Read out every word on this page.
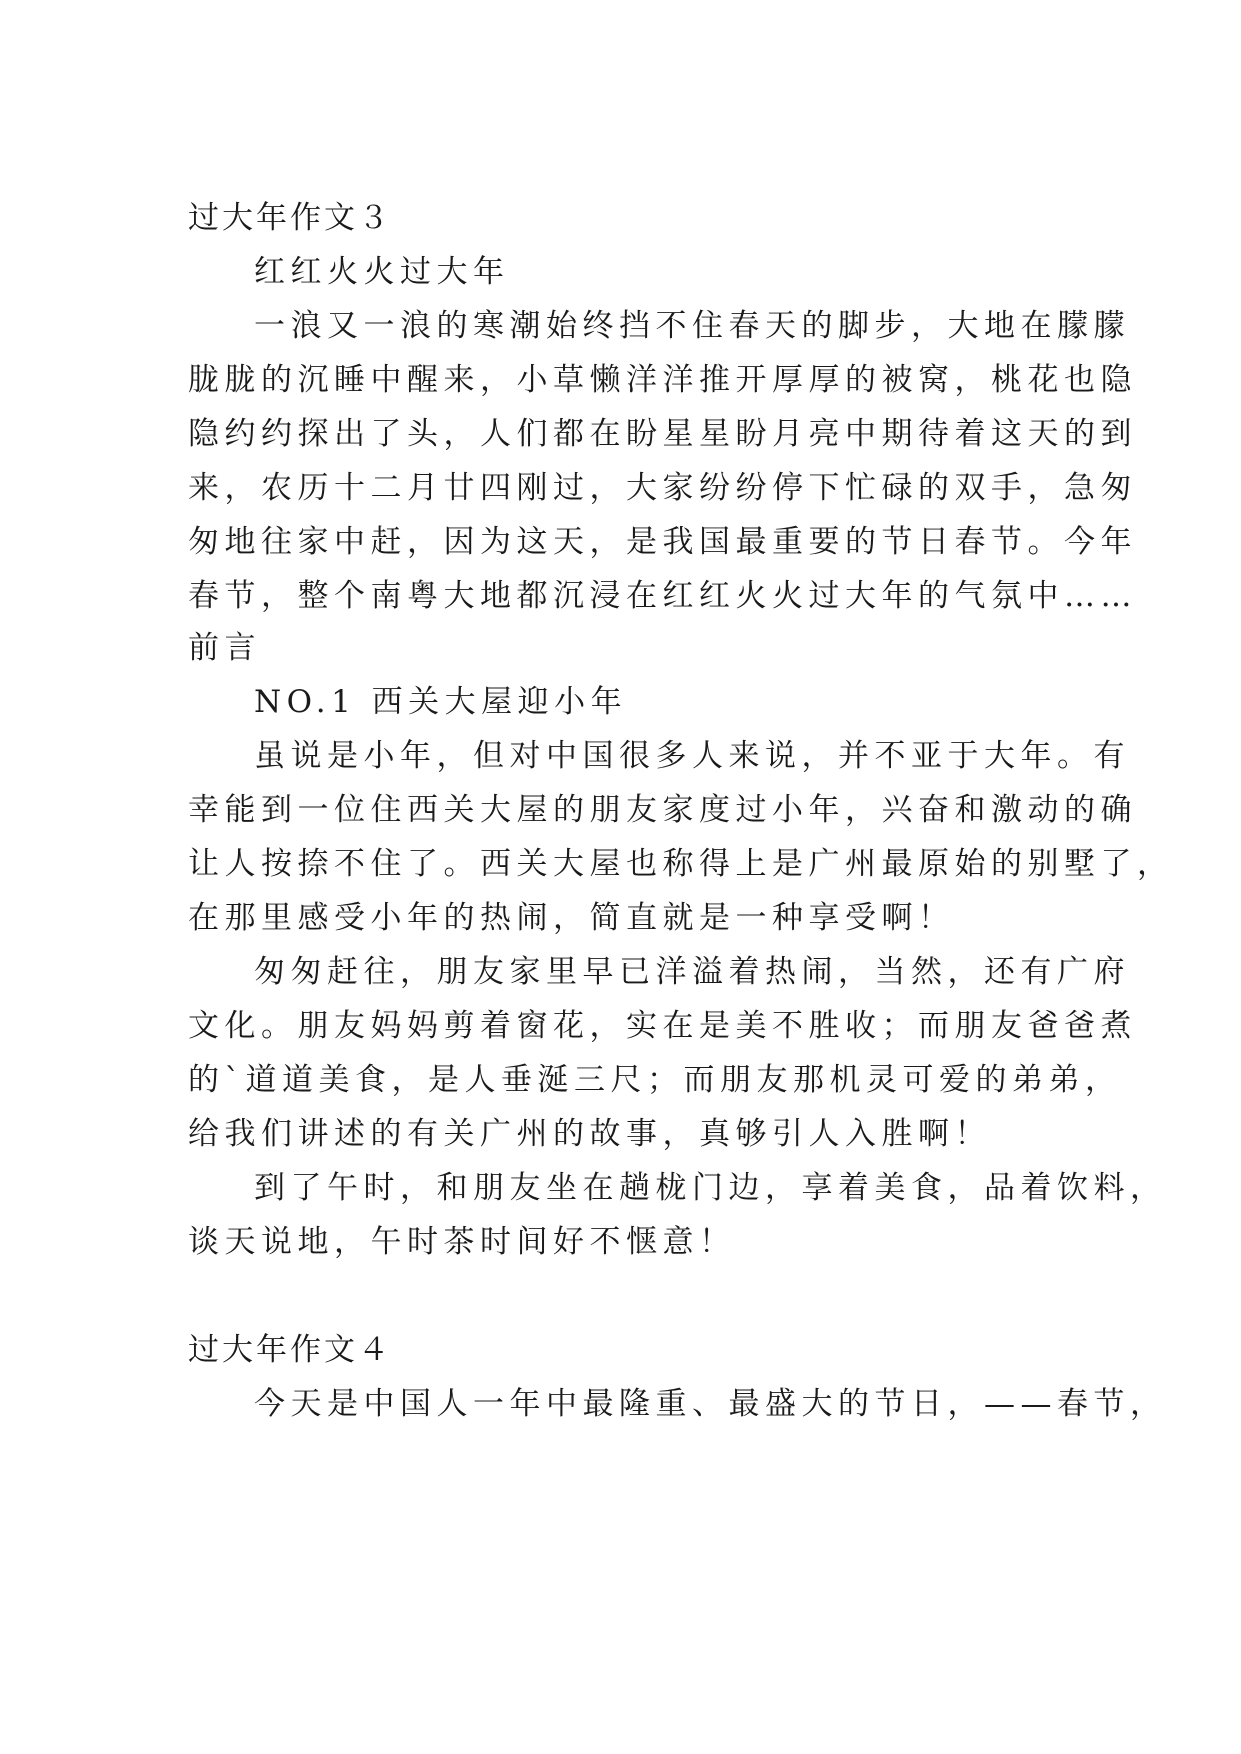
过大年作文３
红红火火过大年
一浪又一浪的寒潮始终挡不住春天的脚步，大地在朦朦
胧胧的沉睡中醒来，小草懒洋洋推开厚厚的被窝，桃花也隐
隐约约探出了头，人们都在盼星星盼月亮中期待着这天的到
来，农历十二月廿四刚过，大家纷纷停下忙碌的双手，急匆
匆地往家中赶，因为这天，是我国最重要的节日春节。今年
春节，整个南粤大地都沉浸在红红火火过大年的气氛中……
前言
NO.1 西关大屋迎小年
虽说是小年，但对中国很多人来说，并不亚于大年。有
幸能到一位住西关大屋的朋友家度过小年，兴奋和激动的确
让人按捺不住了。西关大屋也称得上是广州最原始的别墅了，
在那里感受小年的热闹，简直就是一种享受啊！
匆匆赶往，朋友家里早已洋溢着热闹，当然，还有广府
文化。朋友妈妈剪着窗花，实在是美不胜收；而朋友爸爸煮
的`道道美食，是人垂涎三尺；而朋友那机灵可爱的弟弟，
给我们讲述的有关广州的故事，真够引人入胜啊！
到了午时，和朋友坐在趟栊门边，享着美食，品着饮料，
谈天说地，午时茶时间好不惬意！
过大年作文４
今天是中国人一年中最隆重、最盛大的节日，——春节，
